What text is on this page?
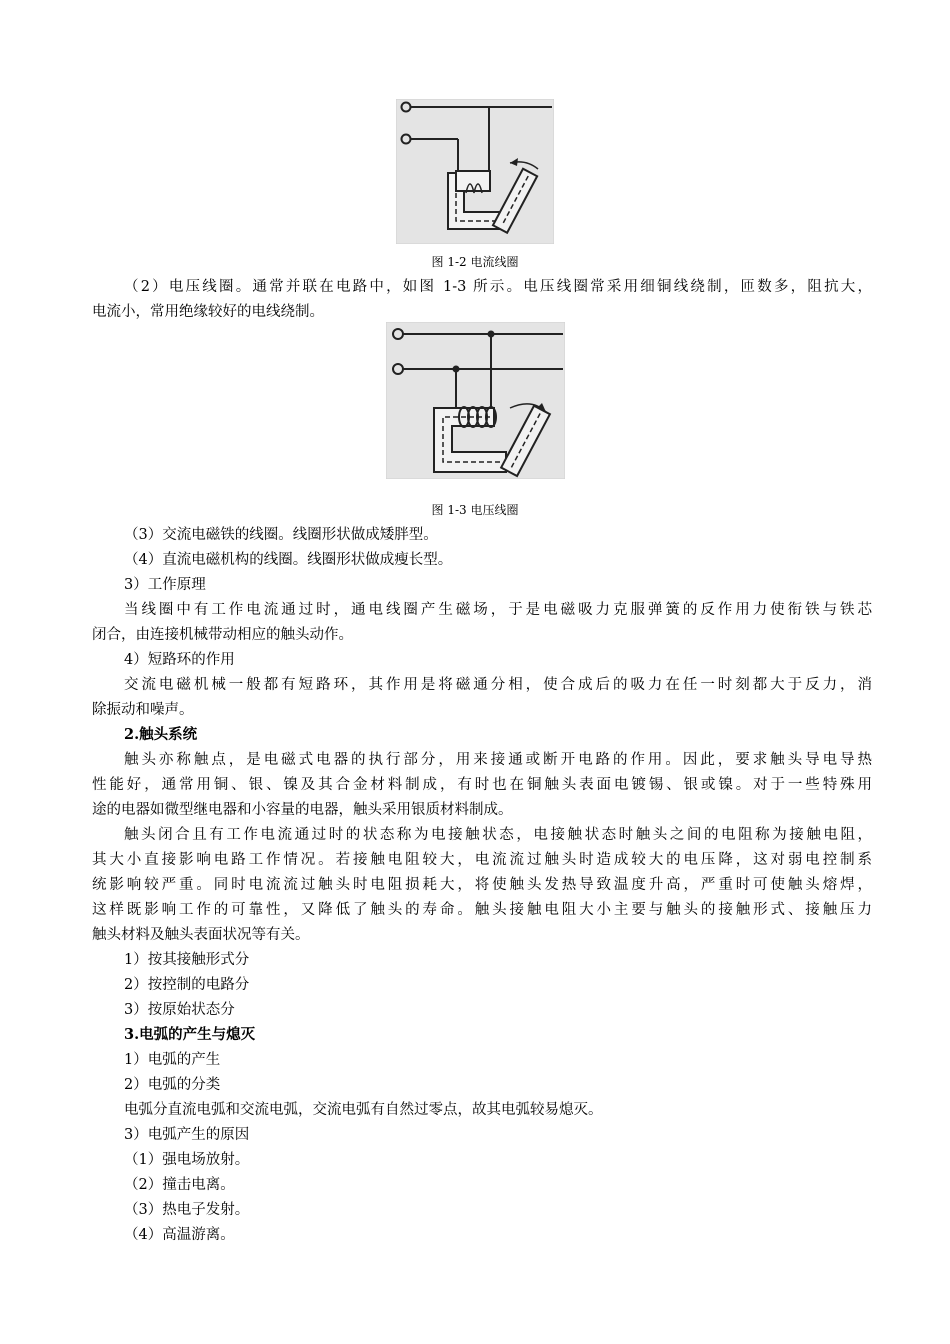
图 1-2 电流线圈
（2）电压线圈。通常并联在电路中，如图 1-3 所示。电压线圈常采用细铜线绕制，匝数多，阻抗大，
电流小，常用绝缘较好的电线绕制。
图 1-3 电压线圈
（3）交流电磁铁的线圈。线圈形状做成矮胖型。
（4）直流电磁机构的线圈。线圈形状做成瘦长型。
3）工作原理
当线圈中有工作电流通过时，通电线圈产生磁场，于是电磁吸力克服弹簧的反作用力使衔铁与铁芯
闭合，由连接机械带动相应的触头动作。
4）短路环的作用
交流电磁机械一般都有短路环，其作用是将磁通分相，使合成后的吸力在任一时刻都大于反力，消
除振动和噪声。
2.触头系统
触头亦称触点，是电磁式电器的执行部分，用来接通或断开电路的作用。因此，要求触头导电导热
性能好，通常用铜、银、镍及其合金材料制成，有时也在铜触头表面电镀锡、银或镍。对于一些特殊用
途的电器如微型继电器和小容量的电器，触头采用银质材料制成。
触头闭合且有工作电流通过时的状态称为电接触状态，电接触状态时触头之间的电阻称为接触电阻，
其大小直接影响电路工作情况。若接触电阻较大，电流流过触头时造成较大的电压降，这对弱电控制系
统影响较严重。同时电流流过触头时电阻损耗大，将使触头发热导致温度升高，严重时可使触头熔焊，
这样既影响工作的可靠性，又降低了触头的寿命。触头接触电阻大小主要与触头的接触形式、接触压力
触头材料及触头表面状况等有关。
1）按其接触形式分
2）按控制的电路分
3）按原始状态分
3.电弧的产生与熄灭
1）电弧的产生
2）电弧的分类
电弧分直流电弧和交流电弧，交流电弧有自然过零点，故其电弧较易熄灭。
3）电弧产生的原因
（1）强电场放射。
（2）撞击电离。
（3）热电子发射。
（4）高温游离。
